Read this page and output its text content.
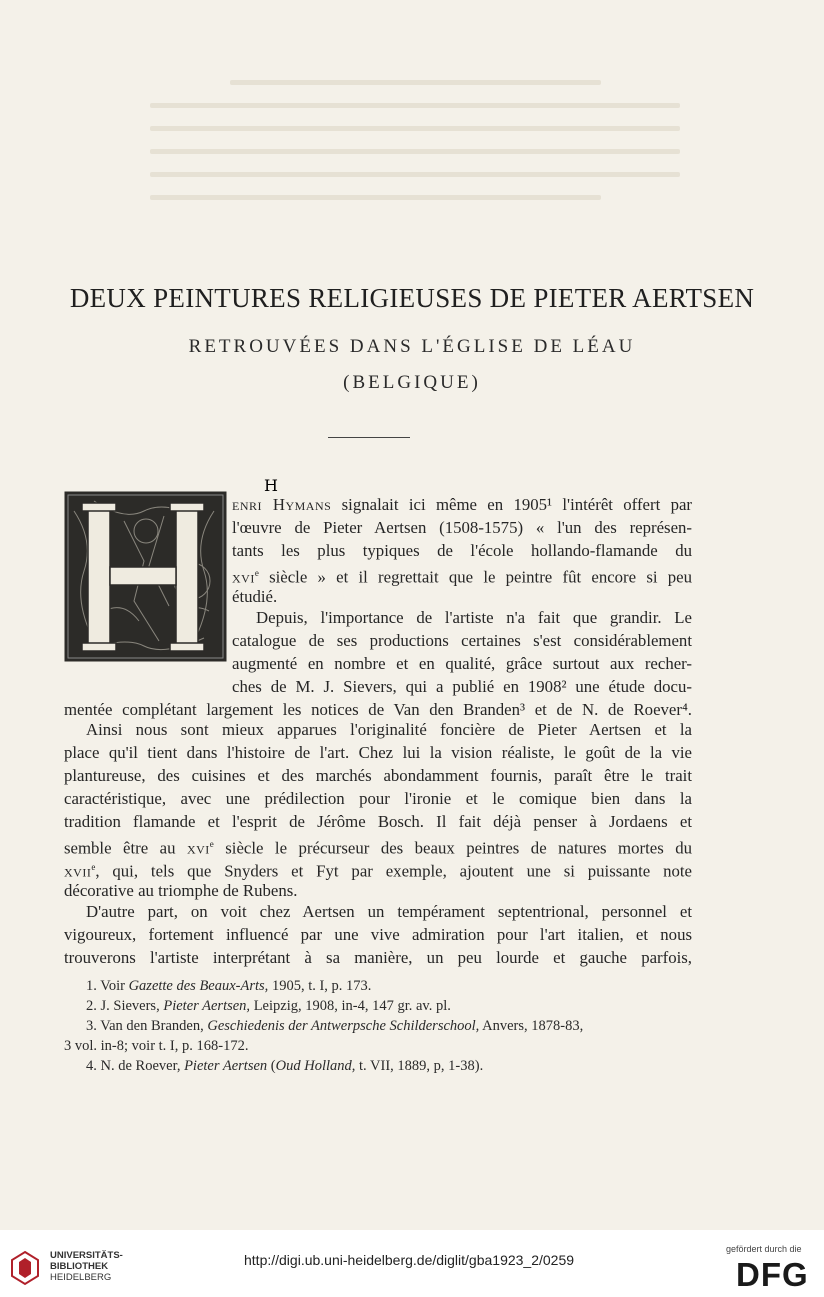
DEUX PEINTURES RELIGIEUSES DE PIETER AERTSEN
RETROUVÉES DANS L'ÉGLISE DE LÉAU
(BELGIQUE)
H
enri Hymans signalait ici même en 1905¹ l'intérêt offert par
l'œuvre de Pieter Aertsen (1508-1575) « l'un des représen-
tants les plus typiques de l'école hollando-flamande du
xvi$^e$ siècle » et il regrettait que le peintre fût encore si peu
étudié.
Depuis, l'importance de l'artiste n'a fait que grandir. Le
catalogue de ses productions certaines s'est considérablement
augmenté en nombre et en qualité, grâce surtout aux recher-
ches de M. J. Sievers, qui a publié en 1908² une étude docu-
mentée complétant largement les notices de Van den Branden³ et de N. de Roever⁴.
Ainsi nous sont mieux apparues l'originalité foncière de Pieter Aertsen et la
place qu'il tient dans l'histoire de l'art. Chez lui la vision réaliste, le goût de la vie
plantureuse, des cuisines et des marchés abondamment fournis, paraît être le trait
caractéristique, avec une prédilection pour l'ironie et le comique bien dans la
tradition flamande et l'esprit de Jérôme Bosch. Il fait déjà penser à Jordaens et
semble être au xvi$^e$ siècle le précurseur des beaux peintres de natures mortes du
xvii$^e$, qui, tels que Snyders et Fyt par exemple, ajoutent une si puissante note
décorative au triomphe de Rubens.
D'autre part, on voit chez Aertsen un tempérament septentrional, personnel et
vigoureux, fortement influencé par une vive admiration pour l'art italien, et nous
trouverons l'artiste interprétant à sa manière, un peu lourde et gauche parfois,
1. Voir Gazette des Beaux-Arts, 1905, t. I, p. 173.
2. J. Sievers, Pieter Aertsen, Leipzig, 1908, in-4, 147 gr. av. pl.
3. Van den Branden, Geschiedenis der Antwerpsche Schilderschool, Anvers, 1878-83,
3 vol. in-8; voir t. I, p. 168-172.
4. N. de Roever, Pieter Aertsen (Oud Holland, t. VII, 1889, p, 1-38).
UNIVERSITÄTS-
BIBLIOTHEK
HEIDELBERG
http://digi.ub.uni-heidelberg.de/diglit/gba1923_2/0259
gefördert durch die
DFG
